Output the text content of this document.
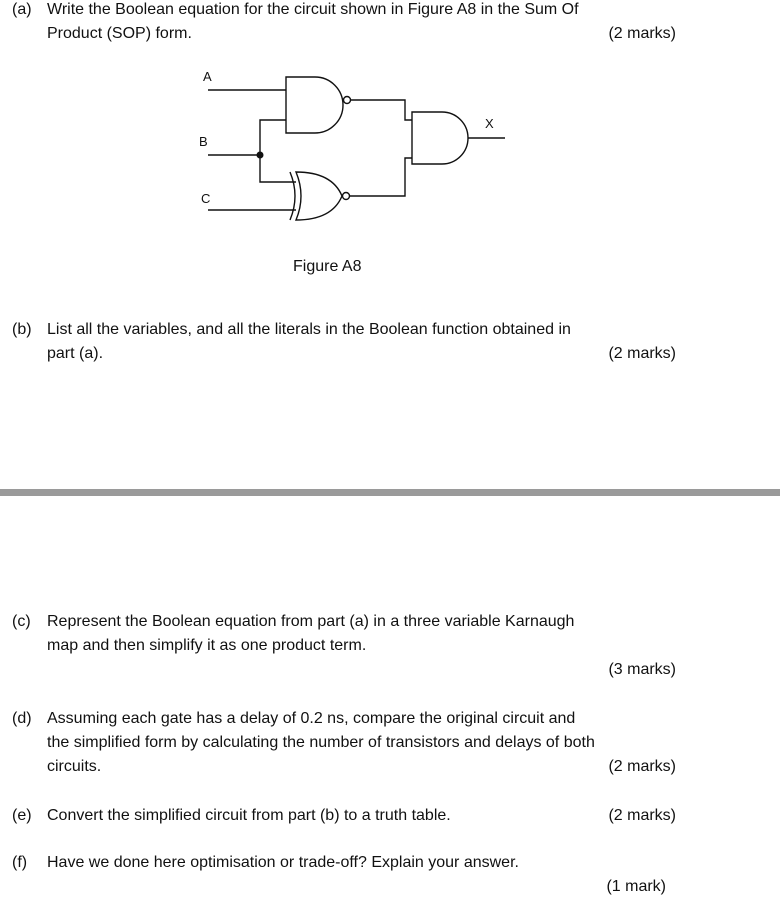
(a) Write the Boolean equation for the circuit shown in Figure A8 in the Sum Of
Product (SOP) form.	(2 marks)
A
B
C
X
Figure A8
(b) List all the variables, and all the literals in the Boolean function obtained in
part (a).	(2 marks)
(c) Represent the Boolean equation from part (a) in a three variable Karnaugh
map and then simplify it as one product term.
(3 marks)
(d) Assuming each gate has a delay of 0.2 ns, compare the original circuit and
the simplified form by calculating the number of transistors and delays of both
circuits.	(2 marks)
(e) Convert the simplified circuit from part (b) to a truth table.	(2 marks)
(f) Have we done here optimisation or trade-off? Explain your answer.
(1 mark)
